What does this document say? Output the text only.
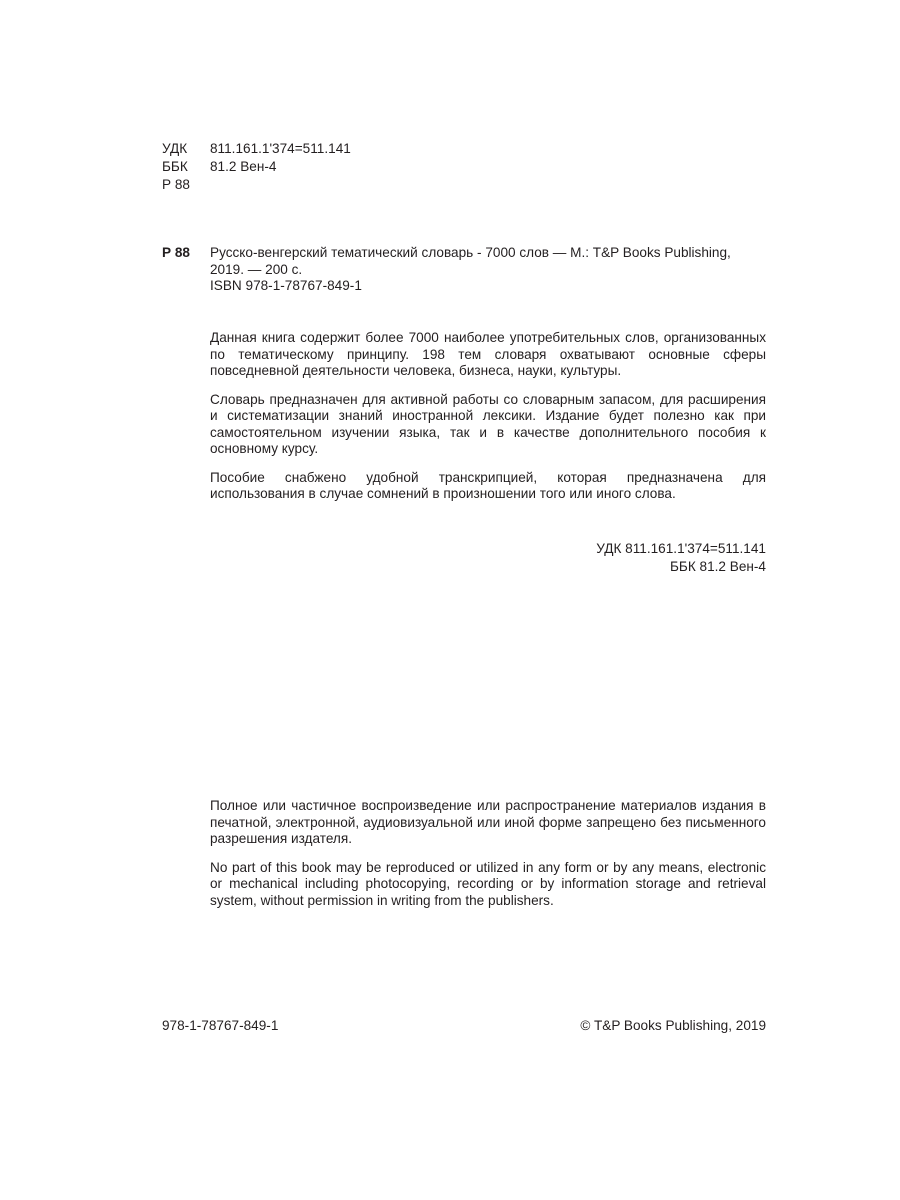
УДК	811.161.1'374=511.141
ББК	81.2 Вен-4
Р 88
Р 88	Русско-венгерский тематический словарь - 7000 слов — М.: T&P Books Publishing,
2019. — 200 с.
ISBN 978-1-78767-849-1

Данная книга содержит более 7000 наиболее употребительных слов, организованных по тематическому принципу. 198 тем словаря охватывают основные сферы повседневной деятельности человека, бизнеса, науки, культуры.

Словарь предназначен для активной работы со словарным запасом, для расширения и систематизации знаний иностранной лексики. Издание будет полезно как при самостоятельном изучении языка, так и в качестве дополнительного пособия к основному курсу.

Пособие снабжено удобной транскрипцией, которая предназначена для использования в случае сомнений в произношении того или иного слова.

УДК 811.161.1'374=511.141
ББК 81.2 Вен-4

Полное или частичное воспроизведение или распространение материалов издания в печатной, электронной, аудиовизуальной или иной форме запрещено без письменного разрешения издателя.

No part of this book may be reproduced or utilized in any form or by any means, electronic or mechanical including photocopying, recording or by information storage and retrieval system, without permission in writing from the publishers.

978-1-78767-849-1	© T&P Books Publishing, 2019
